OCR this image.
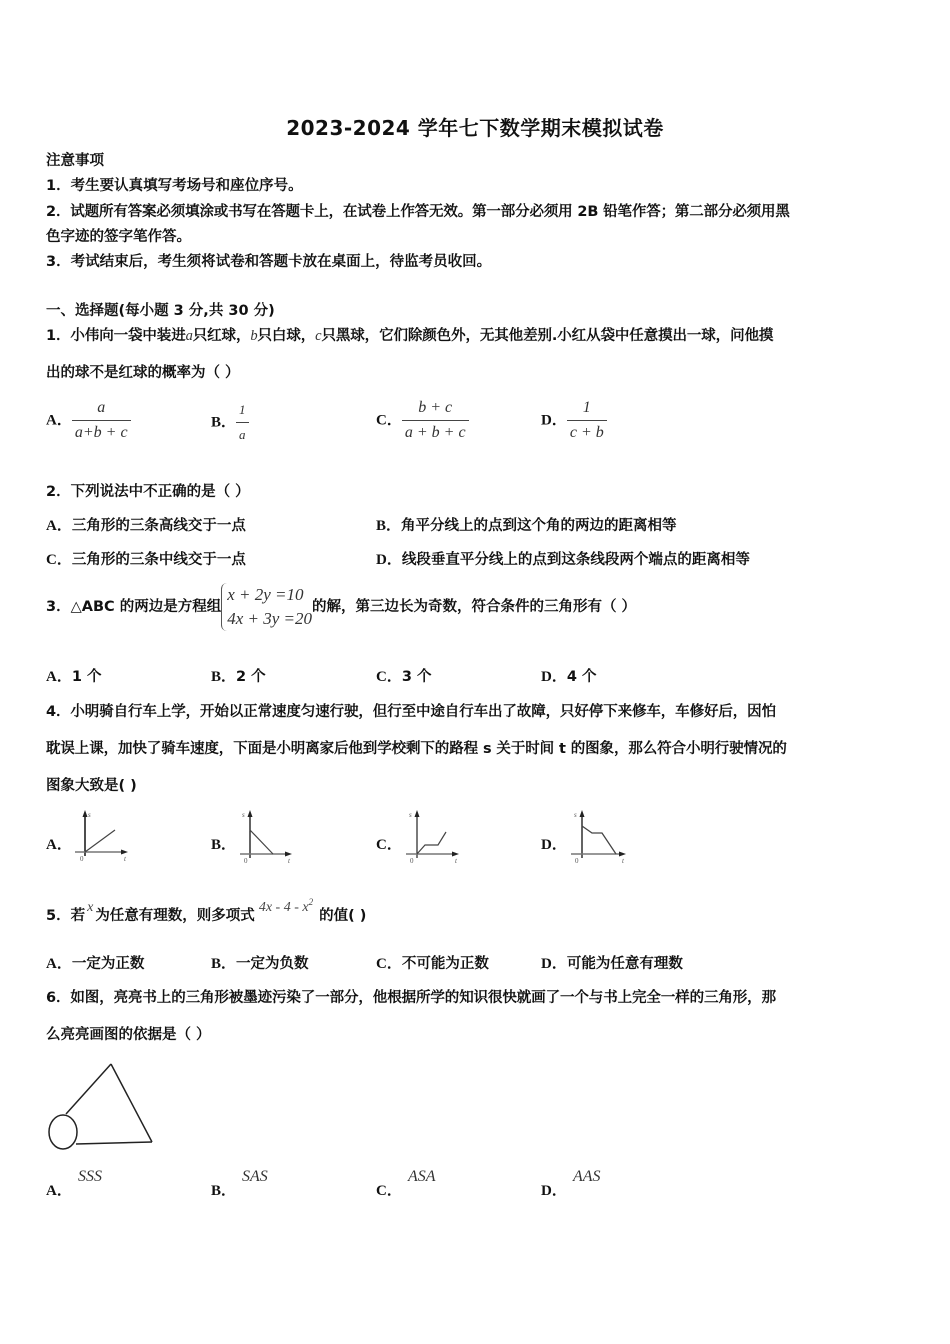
2023-2024 学年七下数学期末模拟试卷
注意事项
1．考生要认真填写考场号和座位序号。
2．试题所有答案必须填涂或书写在答题卡上，在试卷上作答无效。第一部分必须用 2B 铅笔作答；第二部分必须用黑
色字迹的签字笔作答。
3．考试结束后，考生须将试卷和答题卡放在桌面上，待监考员收回。
一、选择题(每小题 3 分,共 30 分)
1．小伟向一袋中装进a只红球，b只白球，c只黑球，它们除颜色外，无其他差别.小红从袋中任意摸出一球，问他摸
出的球不是红球的概率为（ ）
A． $\frac{a}{a+b + c}$	B． $\frac{1}{a}$	C． $\frac{b + c}{a + b + c}$	D． $\frac{1}{c + b}$
2．下列说法中不正确的是（ ）
A．三角形的三条高线交于一点	B．角平分线上的点到这个角的两边的距离相等
C．三角形的三条中线交于一点	D．线段垂直平分线上的点到这条线段两个端点的距离相等
3．△ABC 的两边是方程组
x + 2y =10
4x + 3y =20
的解，第三边长为奇数，符合条件的三角形有（ ）
A．1 个	B．2 个	C．3 个	D．4 个
4．小明骑自行车上学，开始以正常速度匀速行驶，但行至中途自行车出了故障，只好停下来修车，车修好后，因怕
耽误上课，加快了骑车速度，下面是小明离家后他到学校剩下的路程 s 关于时间 t 的图象，那么符合小明行驶情况的
图象大致是( )
A．
s
0	t
B．
s
0	t
C．
s
0	t
D．
s
0	t
5．若x为任意有理数，则多项式$4x - 4 - x^2$的值( )
A．一定为正数	B．一定为负数	C．不可能为正数	D．可能为任意有理数
6．如图，亮亮书上的三角形被墨迹污染了一部分，他根据所学的知识很快就画了一个与书上完全一样的三角形，那
么亮亮画图的依据是（ ）
A．
SSS
B．
SAS
C．
ASA
D．
AAS
